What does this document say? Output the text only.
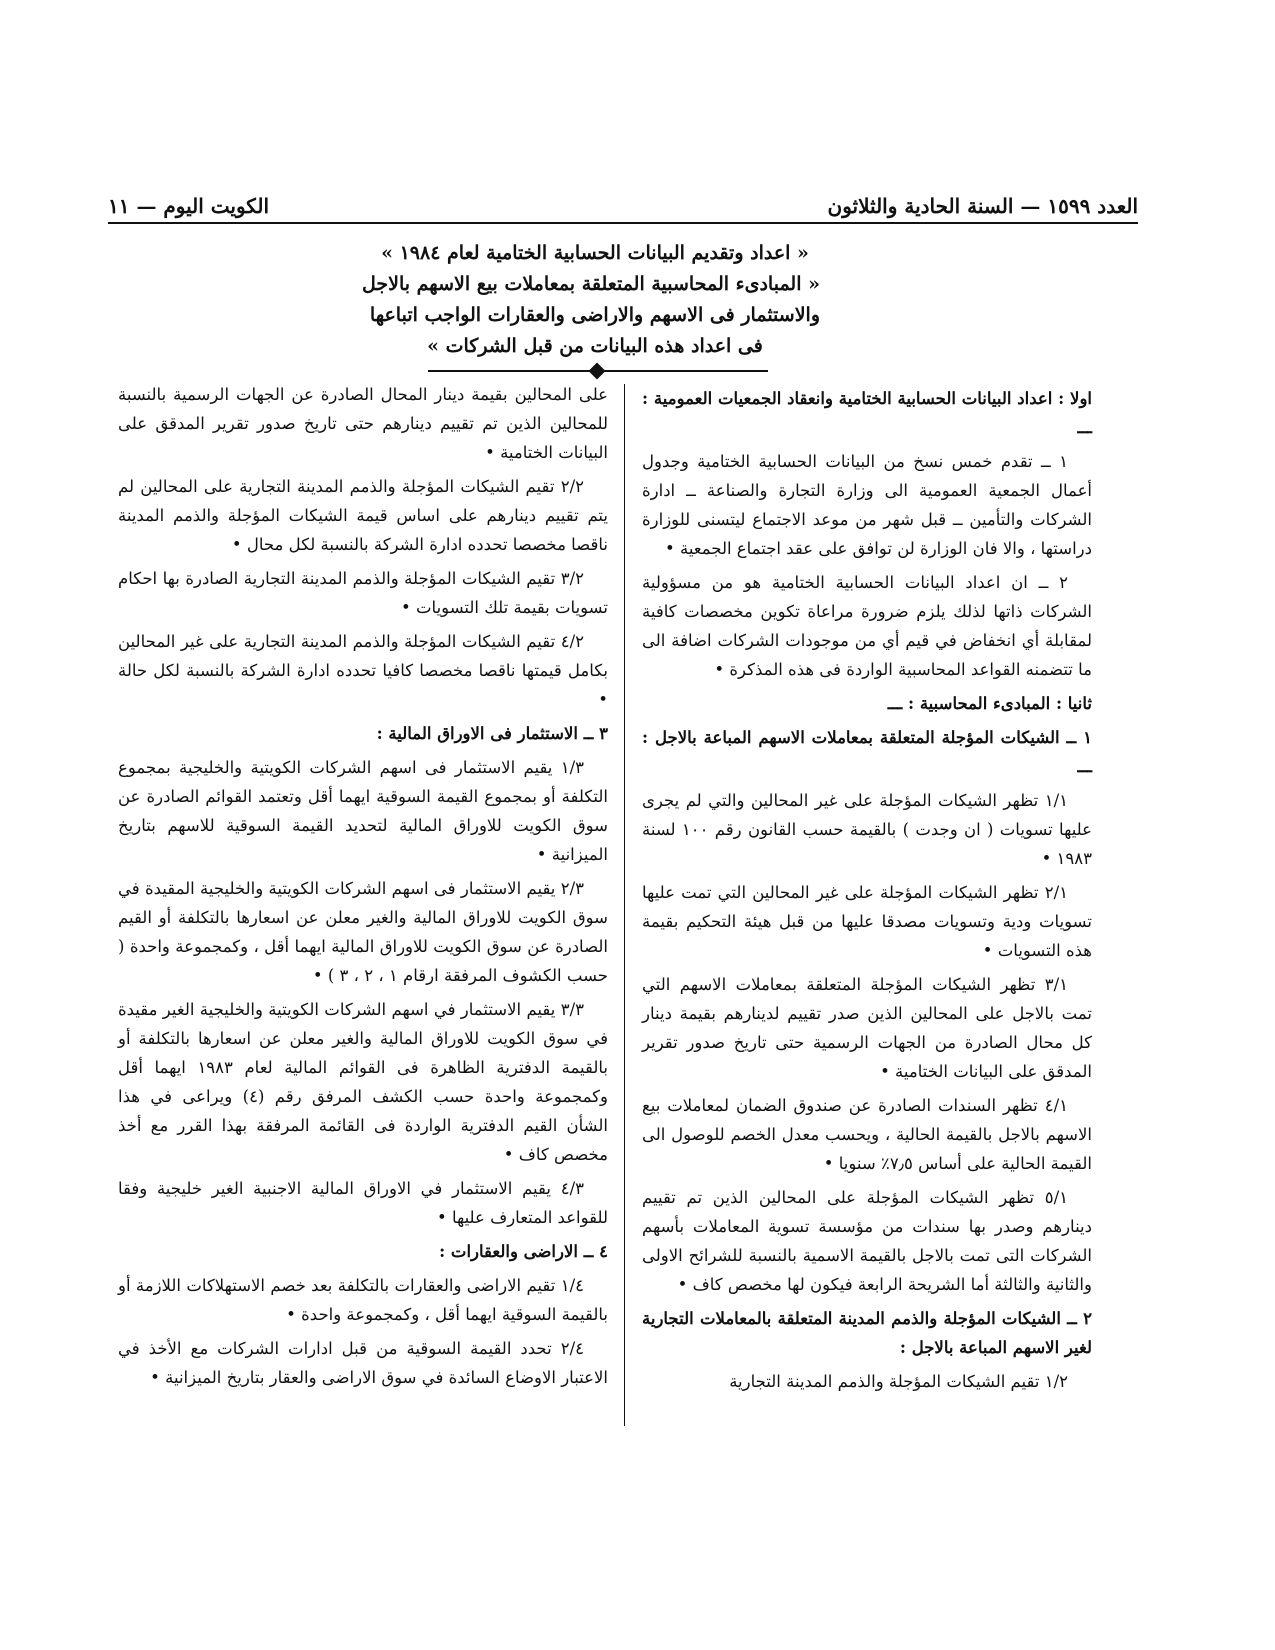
العدد ١٥٩٩ — السنة الحادية والثلاثون
الكويت اليوم — ١١
« اعداد وتقديم البيانات الحسابية الختامية لعام ١٩٨٤ »
« المبادىء المحاسبية المتعلقة بمعاملات بيع الاسهم بالاجل
والاستثمار فى الاسهم والاراضى والعقارات الواجب اتباعها
فى اعداد هذه البيانات من قبل الشركات »

اولا : اعداد البيانات الحسابية الختامية وانعقاد الجمعيات العمومية : ـــ

١ ــ تقدم خمس نسخ من البيانات الحسابية الختامية وجدول أعمال الجمعية العمومية الى وزارة التجارة والصناعة ــ ادارة الشركات والتأمين ــ قبل شهر من موعد الاجتماع ليتسنى للوزارة دراستها ، والا فان الوزارة لن توافق على عقد اجتماع الجمعية •

٢ ــ ان اعداد البيانات الحسابية الختامية هو من مسؤولية الشركات ذاتها لذلك يلزم ضرورة مراعاة تكوين مخصصات كافية لمقابلة أي انخفاض في قيم أي من موجودات الشركات اضافة الى ما تتضمنه القواعد المحاسبية الواردة فى هذه المذكرة •

ثانيا : المبادىء المحاسبية : ـــ

١ ــ الشيكات المؤجلة المتعلقة بمعاملات الاسهم المباعة بالاجل : ـــ

١/١ تظهر الشيكات المؤجلة على غير المحالين والتي لم يجرى عليها تسويات ( ان وجدت ) بالقيمة حسب القانون رقم ١٠٠ لسنة ١٩٨٣ •

٢/١ تظهر الشيكات المؤجلة على غير المحالين التي تمت عليها تسويات ودية وتسويات مصدقا عليها من قبل هيئة التحكيم بقيمة هذه التسويات •

٣/١ تظهر الشيكات المؤجلة المتعلقة بمعاملات الاسهم التي تمت بالاجل على المحالين الذين صدر تقييم لدينارهم بقيمة دينار كل محال الصادرة من الجهات الرسمية حتى تاريخ صدور تقرير المدقق على البيانات الختامية •

٤/١ تظهر السندات الصادرة عن صندوق الضمان لمعاملات بيع الاسهم بالاجل بالقيمة الحالية ، ويحسب معدل الخصم للوصول الى القيمة الحالية على أساس ٧٫٥٪ سنويا •

٥/١ تظهر الشيكات المؤجلة على المحالين الذين تم تقييم دينارهم وصدر بها سندات من مؤسسة تسوية المعاملات بأسهم الشركات التى تمت بالاجل بالقيمة الاسمية بالنسبة للشرائح الاولى والثانية والثالثة أما الشريحة الرابعة فيكون لها مخصص كاف •

٢ ــ الشيكات المؤجلة والذمم المدينة المتعلقة بالمعاملات التجارية لغير الاسهم المباعة بالاجل :

١/٢ تقيم الشيكات المؤجلة والذمم المدينة التجارية

على المحالين بقيمة دينار المحال الصادرة عن الجهات الرسمية بالنسبة للمحالين الذين تم تقييم دينارهم حتى تاريخ صدور تقرير المدقق على البيانات الختامية •

٢/٢ تقيم الشيكات المؤجلة والذمم المدينة التجارية على المحالين لم يتم تقييم دينارهم على اساس قيمة الشيكات المؤجلة والذمم المدينة ناقصا مخصصا تحدده ادارة الشركة بالنسبة لكل محال •

٣/٢ تقيم الشيكات المؤجلة والذمم المدينة التجارية الصادرة بها احكام تسويات بقيمة تلك التسويات •

٤/٢ تقيم الشيكات المؤجلة والذمم المدينة التجارية على غير المحالين بكامل قيمتها ناقصا مخصصا كافيا تحدده ادارة الشركة بالنسبة لكل حالة •

٣ ــ الاستثمار فى الاوراق المالية :

١/٣ يقيم الاستثمار فى اسهم الشركات الكويتية والخليجية بمجموع التكلفة أو بمجموع القيمة السوقية ايهما أقل وتعتمد القوائم الصادرة عن سوق الكويت للاوراق المالية لتحديد القيمة السوقية للاسهم بتاريخ الميزانية •

٢/٣ يقيم الاستثمار فى اسهم الشركات الكويتية والخليجية المقيدة في سوق الكويت للاوراق المالية والغير معلن عن اسعارها بالتكلفة أو القيم الصادرة عن سوق الكويت للاوراق المالية ايهما أقل ، وكمجموعة واحدة ( حسب الكشوف المرفقة ارقام ١ ، ٢ ، ٣ ) •

٣/٣ يقيم الاستثمار في اسهم الشركات الكويتية والخليجية الغير مقيدة في سوق الكويت للاوراق المالية والغير معلن عن اسعارها بالتكلفة أو بالقيمة الدفترية الظاهرة فى القوائم المالية لعام ١٩٨٣ ايهما أقل وكمجموعة واحدة حسب الكشف المرفق رقم (٤) ويراعى في هذا الشأن القيم الدفترية الواردة فى القائمة المرفقة بهذا القرر مع أخذ مخصص كاف •

٤/٣ يقيم الاستثمار في الاوراق المالية الاجنبية الغير خليجية وفقا للقواعد المتعارف عليها •

٤ ــ الاراضى والعقارات :

١/٤ تقيم الاراضى والعقارات بالتكلفة بعد خصم الاستهلاكات اللازمة أو بالقيمة السوقية ايهما أقل ، وكمجموعة واحدة •

٢/٤ تحدد القيمة السوقية من قبل ادارات الشركات مع الأخذ في الاعتبار الاوضاع السائدة في سوق الاراضى والعقار بتاريخ الميزانية •
